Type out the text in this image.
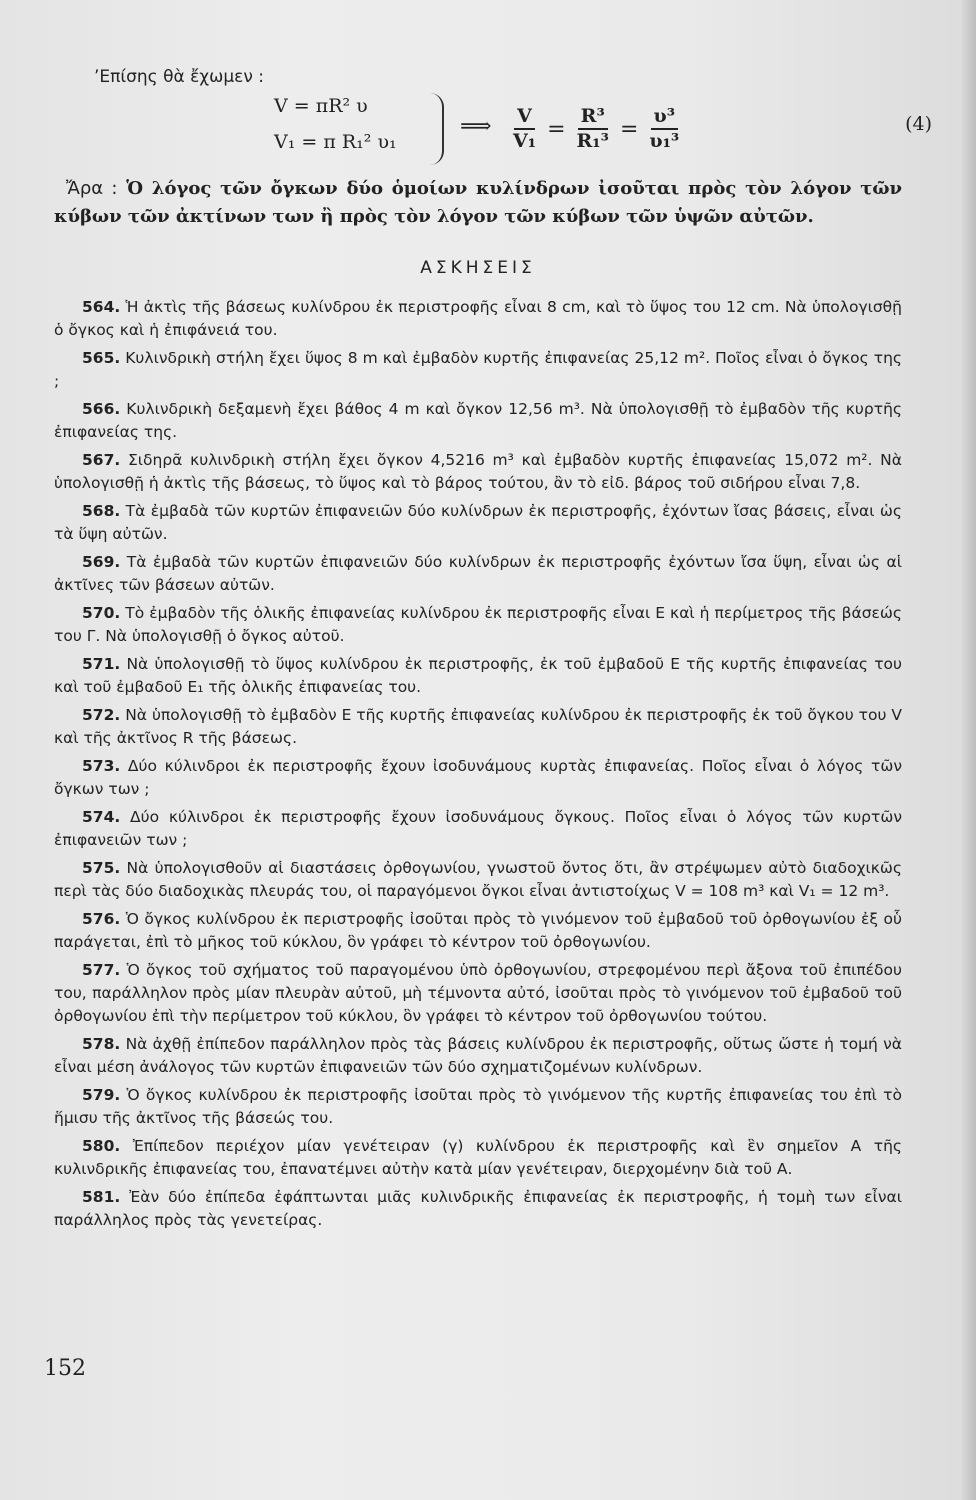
’Επίσης θὰ ἔχωμεν :
V = πR² υ
V₁ = π R₁² υ₁
⟹ $\frac{V}{\text{V₁}} = \frac{\text{R³}}{\text{R₁³}} = \frac{\text{υ³}}{\text{υ₁³}}$	(4)
Ἄρα : Ὁ λόγος τῶν ὄγκων δύο ὁμοίων κυλίνδρων ἰσοῦται πρὸς τὸν λόγον τῶν κύβων τῶν ἀκτίνων των ἢ πρὸς τὸν λόγον τῶν κύβων τῶν ὑψῶν αὐτῶν.
ΑΣΚΗΣΕΙΣ
564. Ἡ ἀκτὶς τῆς βάσεως κυλίνδρου ἐκ περιστροφῆς εἶναι 8 cm, καὶ τὸ ὕψος του 12 cm. Νὰ ὑπολογισθῇ ὁ ὄγκος καὶ ἡ ἐπιφάνειά του.
565. Κυλινδρικὴ στήλη ἔχει ὕψος 8 m καὶ ἐμβαδὸν κυρτῆς ἐπιφανείας 25,12 m². Ποῖος εἶναι ὁ ὄγκος της ;
566. Κυλινδρικὴ δεξαμενὴ ἔχει βάθος 4 m καὶ ὄγκον 12,56 m³. Νὰ ὑπολογισθῇ τὸ ἐμβαδὸν τῆς κυρτῆς ἐπιφανείας της.
567. Σιδηρᾶ κυλινδρικὴ στήλη ἔχει ὄγκον 4,5216 m³ καὶ ἐμβαδὸν κυρτῆς ἐπιφανείας 15,072 m². Νὰ ὑπολογισθῇ ἡ ἀκτὶς τῆς βάσεως, τὸ ὕψος καὶ τὸ βάρος τούτου, ἂν τὸ εἰδ. βάρος τοῦ σιδήρου εἶναι 7,8.
568. Τὰ ἐμβαδὰ τῶν κυρτῶν ἐπιφανειῶν δύο κυλίνδρων ἐκ περιστροφῆς, ἐχόντων ἴσας βάσεις, εἶναι ὡς τὰ ὕψη αὐτῶν.
569. Τὰ ἐμβαδὰ τῶν κυρτῶν ἐπιφανειῶν δύο κυλίνδρων ἐκ περιστροφῆς ἐχόντων ἴσα ὕψη, εἶναι ὡς αἱ ἀκτῖνες τῶν βάσεων αὐτῶν.
570. Τὸ ἐμβαδὸν τῆς ὁλικῆς ἐπιφανείας κυλίνδρου ἐκ περιστροφῆς εἶναι Ε καὶ ἡ περίμετρος τῆς βάσεώς του Γ. Νὰ ὑπολογισθῇ ὁ ὄγκος αὐτοῦ.
571. Νὰ ὑπολογισθῇ τὸ ὕψος κυλίνδρου ἐκ περιστροφῆς, ἐκ τοῦ ἐμβαδοῦ Ε τῆς κυρτῆς ἐπιφανείας του καὶ τοῦ ἐμβαδοῦ Ε₁ τῆς ὁλικῆς ἐπιφανείας του.
572. Νὰ ὑπολογισθῇ τὸ ἐμβαδὸν Ε τῆς κυρτῆς ἐπιφανείας κυλίνδρου ἐκ περιστροφῆς ἐκ τοῦ ὄγκου του V καὶ τῆς ἀκτῖνος R τῆς βάσεως.
573. Δύο κύλινδροι ἐκ περιστροφῆς ἔχουν ἰσοδυνάμους κυρτὰς ἐπιφανείας. Ποῖος εἶναι ὁ λόγος τῶν ὄγκων των ;
574. Δύο κύλινδροι ἐκ περιστροφῆς ἔχουν ἰσοδυνάμους ὄγκους. Ποῖος εἶναι ὁ λόγος τῶν κυρτῶν ἐπιφανειῶν των ;
575. Νὰ ὑπολογισθοῦν αἱ διαστάσεις ὀρθογωνίου, γνωστοῦ ὄντος ὅτι, ἂν στρέψωμεν αὐτὸ διαδοχικῶς περὶ τὰς δύο διαδοχικὰς πλευράς του, οἱ παραγόμενοι ὄγκοι εἶναι ἀντιστοίχως V = 108 m³ καὶ V₁ = 12 m³.
576. Ὁ ὄγκος κυλίνδρου ἐκ περιστροφῆς ἰσοῦται πρὸς τὸ γινόμενον τοῦ ἐμβαδοῦ τοῦ ὀρθογωνίου ἐξ οὗ παράγεται, ἐπὶ τὸ μῆκος τοῦ κύκλου, ὃν γράφει τὸ κέντρον τοῦ ὀρθογωνίου.
577. Ὁ ὄγκος τοῦ σχήματος τοῦ παραγομένου ὑπὸ ὀρθογωνίου, στρεφομένου περὶ ἄξονα τοῦ ἐπιπέδου του, παράλληλον πρὸς μίαν πλευρὰν αὐτοῦ, μὴ τέμνοντα αὐτό, ἰσοῦται πρὸς τὸ γινόμενον τοῦ ἐμβαδοῦ τοῦ ὀρθογωνίου ἐπὶ τὴν περίμετρον τοῦ κύκλου, ὃν γράφει τὸ κέντρον τοῦ ὀρθογωνίου τούτου.
578. Νὰ ἀχθῇ ἐπίπεδον παράλληλον πρὸς τὰς βάσεις κυλίνδρου ἐκ περιστροφῆς, οὕτως ὥστε ἡ τομή νὰ εἶναι μέση ἀνάλογος τῶν κυρτῶν ἐπιφανειῶν τῶν δύο σχηματιζομένων κυλίνδρων.
579. Ὁ ὄγκος κυλίνδρου ἐκ περιστροφῆς ἰσοῦται πρὸς τὸ γινόμενον τῆς κυρτῆς ἐπιφανείας του ἐπὶ τὸ ἥμισυ τῆς ἀκτῖνος τῆς βάσεώς του.
580. Ἐπίπεδον περιέχον μίαν γενέτειραν (γ) κυλίνδρου ἐκ περιστροφῆς καὶ ἓν σημεῖον Α τῆς κυλινδρικῆς ἐπιφανείας του, ἐπανατέμνει αὐτὴν κατὰ μίαν γενέτειραν, διερχομένην διὰ τοῦ Α.
581. Ἐὰν δύο ἐπίπεδα ἐφάπτωνται μιᾶς κυλινδρικῆς ἐπιφανείας ἐκ περιστροφῆς, ἡ τομὴ των εἶναι παράλληλος πρὸς τὰς γενετείρας.
152
